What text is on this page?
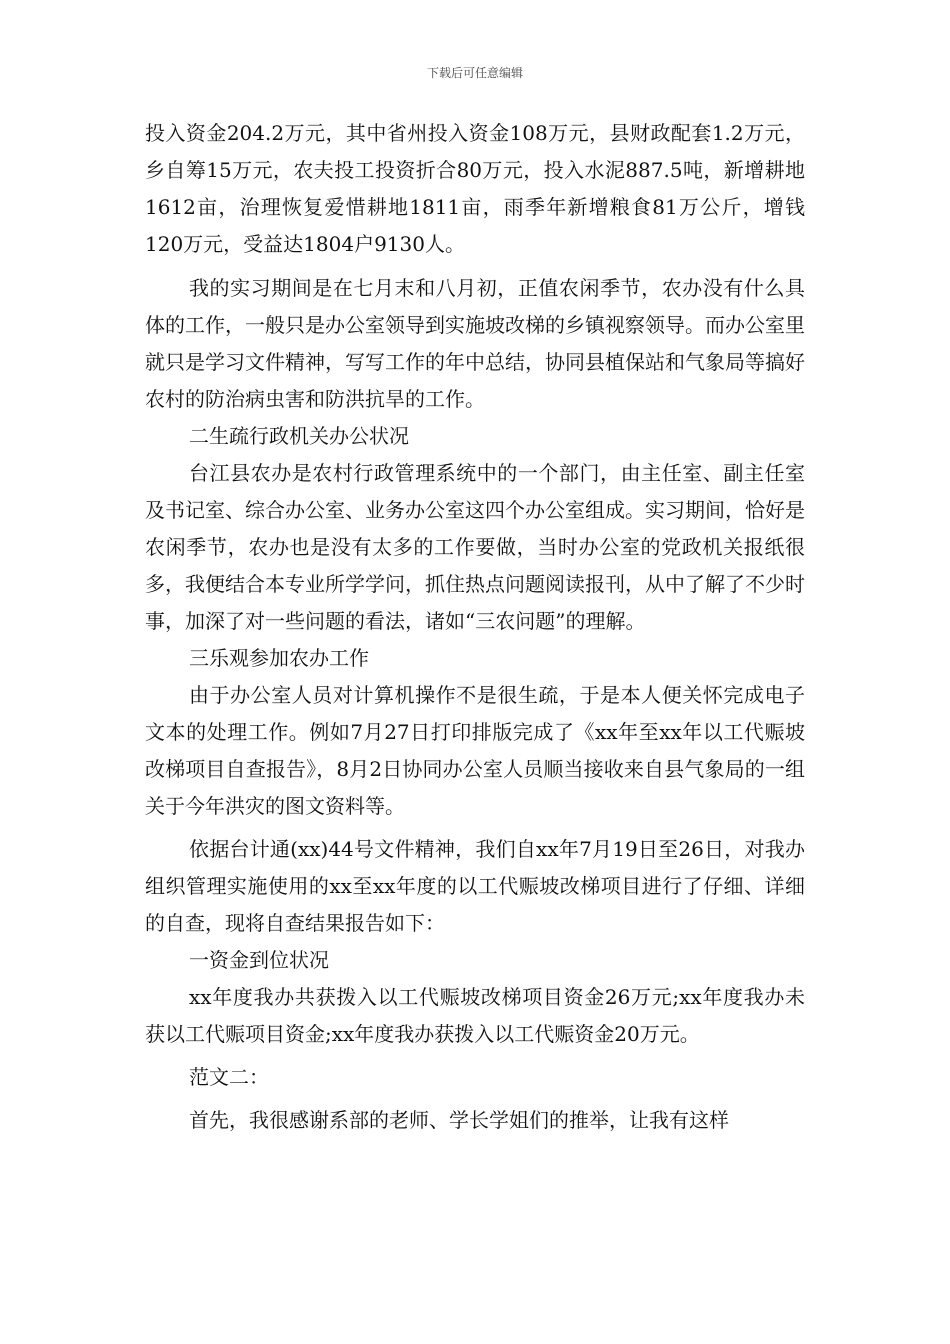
下载后可任意编辑

投入资金204.2万元，其中省州投入资金108万元，县财政配套1.2万元，乡自筹15万元，农夫投工投资折合80万元，投入水泥887.5吨，新增耕地1612亩，治理恢复爱惜耕地1811亩，雨季年新增粮食81万公斤，增钱120万元，受益达1804户9130人。

我的实习期间是在七月末和八月初，正值农闲季节，农办没有什么具体的工作，一般只是办公室领导到实施坡改梯的乡镇视察领导。而办公室里就只是学习文件精神，写写工作的年中总结，协同县植保站和气象局等搞好农村的防治病虫害和防洪抗旱的工作。

二生疏行政机关办公状况

台江县农办是农村行政管理系统中的一个部门，由主任室、副主任室及书记室、综合办公室、业务办公室这四个办公室组成。实习期间，恰好是农闲季节，农办也是没有太多的工作要做，当时办公室的党政机关报纸很多，我便结合本专业所学学问，抓住热点问题阅读报刊，从中了解了不少时事，加深了对一些问题的看法，诸如“三农问题”的理解。

三乐观参加农办工作

由于办公室人员对计算机操作不是很生疏，于是本人便关怀完成电子文本的处理工作。例如7月27日打印排版完成了《xx年至xx年以工代赈坡改梯项目自查报告》，8月2日协同办公室人员顺当接收来自县气象局的一组关于今年洪灾的图文资料等。

依据台计通(xx)44号文件精神，我们自xx年7月19日至26日，对我办组织管理实施使用的xx至xx年度的以工代赈坡改梯项目进行了仔细、详细的自查，现将自查结果报告如下：

一资金到位状况

xx年度我办共获拨入以工代赈坡改梯项目资金26万元;xx年度我办未获以工代赈项目资金;xx年度我办获拨入以工代赈资金20万元。

范文二：

首先，我很感谢系部的老师、学长学姐们的推举，让我有这样
